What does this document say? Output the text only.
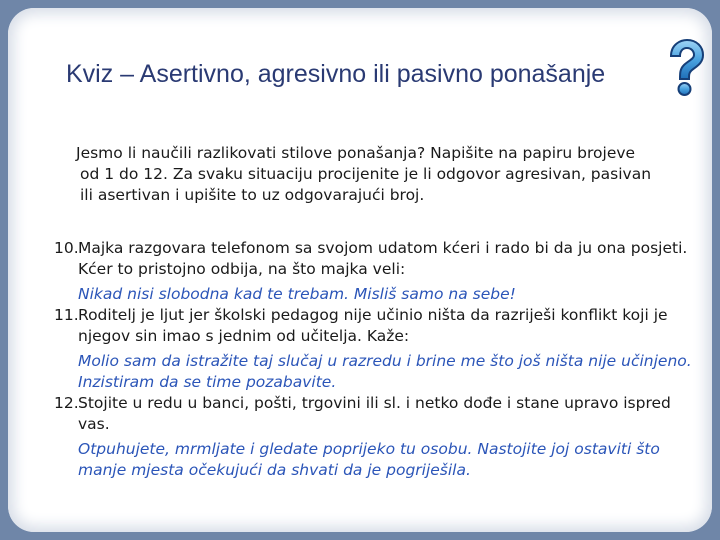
Kviz – Asertivno, agresivno ili pasivno ponašanje

Jesmo li naučili razlikovati stilove ponašanja? Napišite na papiru brojeve

od 1 do 12. Za svaku situaciju procijenite je li odgovor agresivan, pasivan

ili asertivan i upišite to uz odgovarajući broj.

10. Majka razgovara telefonom sa svojom udatom kćeri i rado bi da ju ona posjeti. Kćer to pristojno odbija, na što majka veli:
Nikad nisi slobodna kad te trebam. Misliš samo na sebe!
11. Roditelj je ljut jer školski pedagog nije učinio ništa da razriješi konflikt koji je njegov sin imao s jednim od učitelja. Kaže:
Molio sam da istražite taj slučaj u razredu i brine me što još ništa nije učinjeno. Inzistiram da se time pozabavite.
12. Stojite u redu u banci, pošti, trgovini ili sl. i netko dođe i stane upravo ispred vas.
Otpuhujete, mrmljate i gledate poprijeko tu osobu. Nastojite joj ostaviti što manje mjesta očekujući da shvati da je pogriješila.
